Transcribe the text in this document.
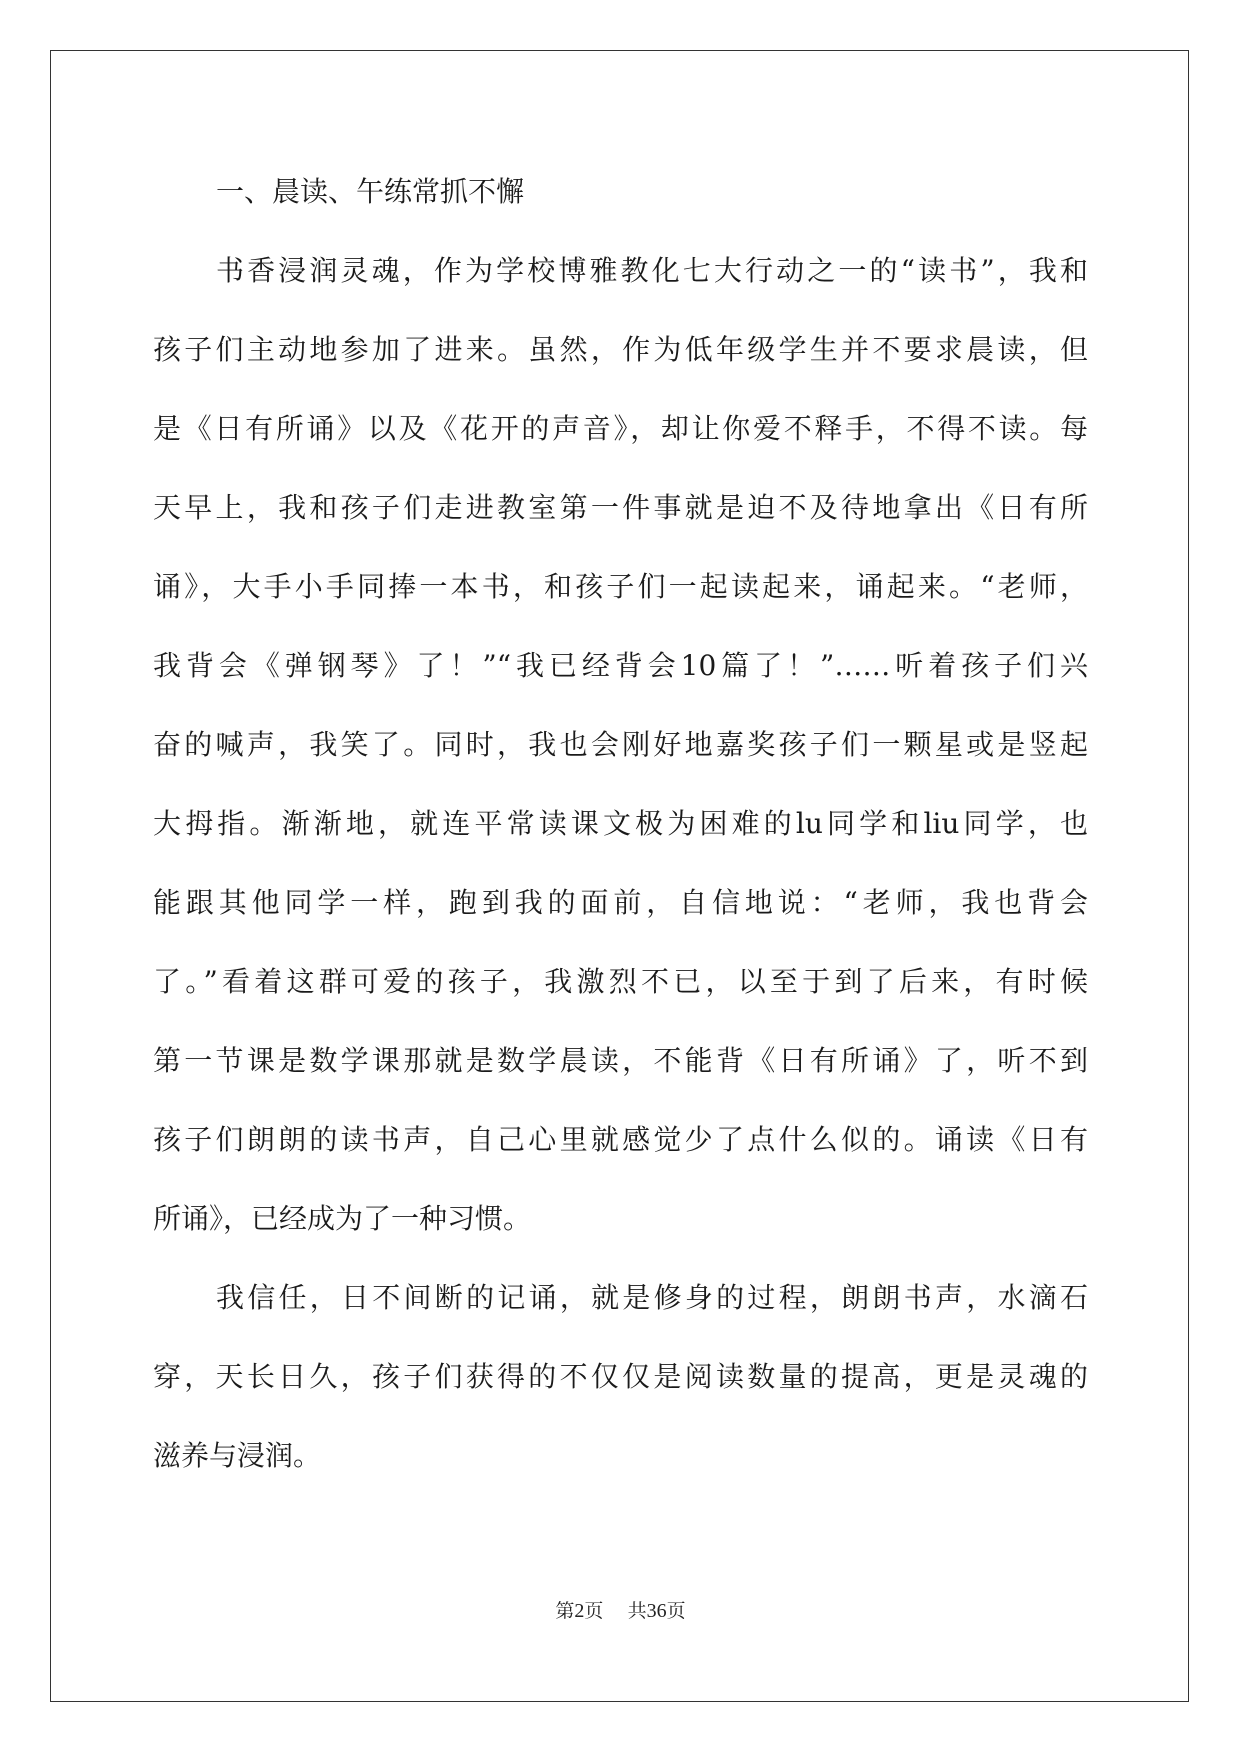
一、晨读、午练常抓不懈
书香浸润灵魂，作为学校博雅教化七大行动之一的“读书”，我和
孩子们主动地参加了进来。虽然，作为低年级学生并不要求晨读，但
是《日有所诵》以及《花开的声音》，却让你爱不释手，不得不读。每
天早上，我和孩子们走进教室第一件事就是迫不及待地拿出《日有所
诵》，大手小手同捧一本书，和孩子们一起读起来，诵起来。“老师，
我背会《弹钢琴》了！”“我已经背会10篇了！”……听着孩子们兴
奋的喊声，我笑了。同时，我也会刚好地嘉奖孩子们一颗星或是竖起
大拇指。渐渐地，就连平常读课文极为困难的lu同学和liu同学，也
能跟其他同学一样，跑到我的面前，自信地说：“老师，我也背会
了。”看着这群可爱的孩子，我激烈不已，以至于到了后来，有时候
第一节课是数学课那就是数学晨读，不能背《日有所诵》了，听不到
孩子们朗朗的读书声，自己心里就感觉少了点什么似的。诵读《日有
所诵》，已经成为了一种习惯。
我信任，日不间断的记诵，就是修身的过程，朗朗书声，水滴石
穿，天长日久，孩子们获得的不仅仅是阅读数量的提高，更是灵魂的
滋养与浸润。
第2页 共36页
